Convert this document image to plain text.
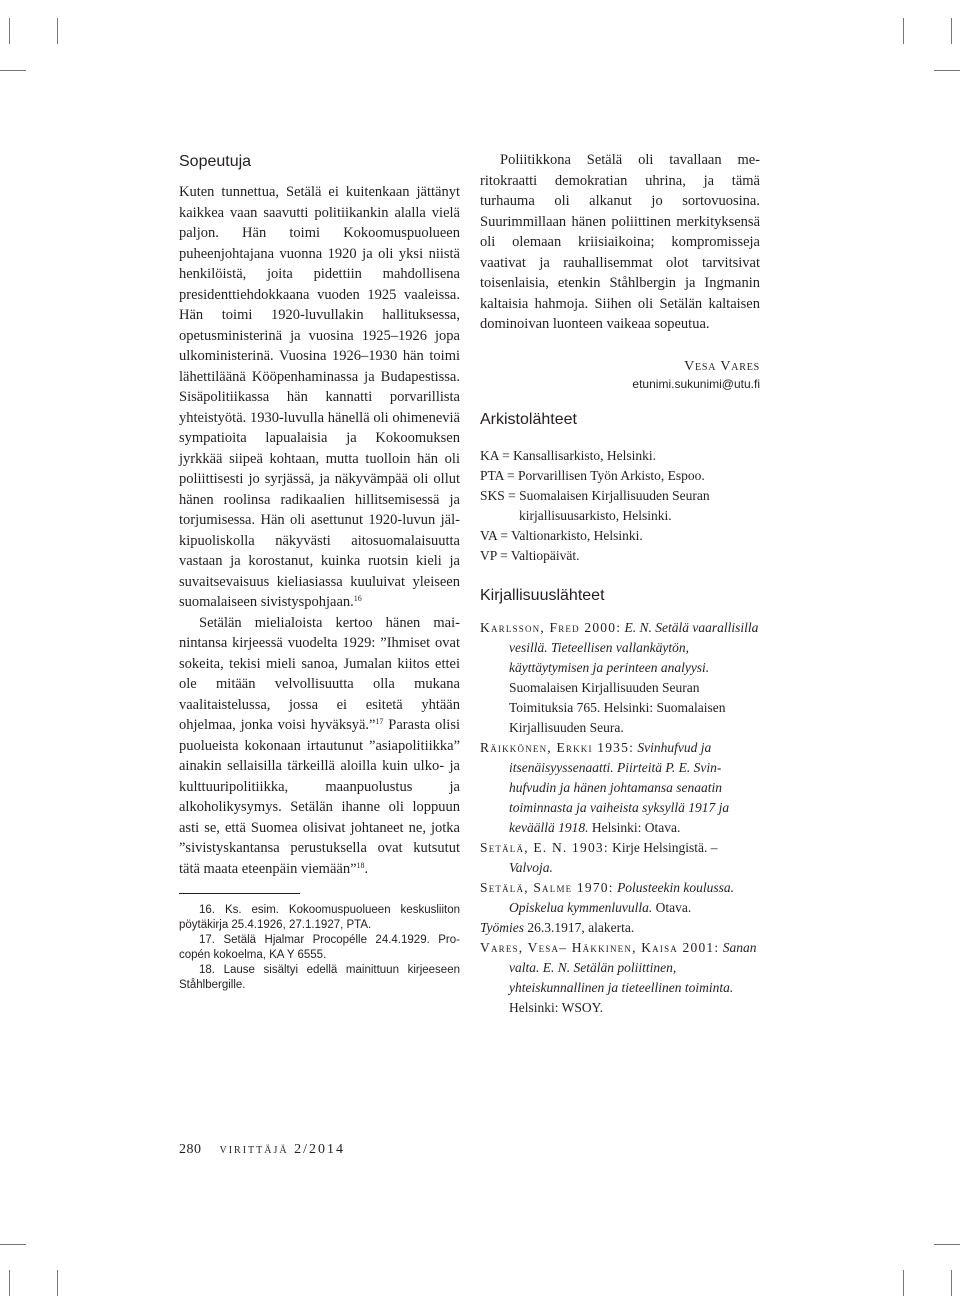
Sopeutuja

Kuten tunnettua, Setälä ei kuitenkaan jättänyt kaikkea vaan saavutti politiikankin alalla vielä paljon. Hän toimi Kokoomuspuolueen puheenjohtajana vuonna 1920 ja oli yksi niistä henkilöistä, joita pidettiin mahdollisena presidenttiehdokkaana vuoden 1925 vaaleissa. Hän toimi 1920-luvullakin hallituksessa, opetusministerinä ja vuosina 1925–1926 jopa ulkoministerinä. Vuosina 1926–1930 hän toimi lähettiläänä Kööpenhaminassa ja Budapestissa. Sisäpolitiikassa hän kannatti porvarillista yhteistyötä. 1930-luvulla hänellä oli ohimeneviä sympatioita lapualaisia ja Kokoomuksen jyrkkää siipeä kohtaan, mutta tuolloin hän oli poliittisesti jo syrjässä, ja näkyvämpää oli ollut hänen roolinsa radikaalien hillitsemisessä ja torjumisessa. Hän oli asettunut 1920-luvun jälkipuoliskolla näkyvästi aitosuomalaisuutta vastaan ja korostanut, kuinka ruotsin kieli ja suvaitsevaisuus kieliasiassa kuuluivat yleiseen suomalaiseen sivistyspohjaan.$^{16}$

Setälän mielialoista kertoo hänen mainintansa kirjeessä vuodelta 1929: ”Ihmiset ovat sokeita, tekisi mieli sanoa, Jumalan kiitos ettei ole mitään velvollisuutta olla mukana vaalitaistelussa, jossa ei esitetä yhtään ohjelmaa, jonka voisi hyväksyä.”$^{17}$ Parasta olisi puolueista kokonaan irtautunut ”asiapolitiikka” ainakin sellaisilla tärkeillä aloilla kuin ulko- ja kulttuuripolitiikka, maanpuolustus ja alkoholikysymys. Setälän ihanne oli loppuun asti se, että Suomea olisivat johtaneet ne, jotka ”sivistyskantansa perustuksella ovat kutsutut tätä maata eteenpäin viemään”$^{18}$.

16. Ks. esim. Kokoomuspuolueen keskusliiton pöytäkirja 25.4.1926, 27.1.1927, PTA.

17. Setälä Hjalmar Procopélle 24.4.1929. Procopén kokoelma, KA Y 6555.

18. Lause sisältyi edellä mainittuun kirjeeseen Ståhlbergille.

Poliitikkona Setälä oli tavallaan meritokraatti demokratian uhrina, ja tämä turhauma oli alkanut jo sortovuosina. Suurimmillaan hänen poliittinen merkityksensä oli olemaan kriisiaikoina; kompromisseja vaativat ja rauhallisemmat olot tarvitsivat toisenlaisia, etenkin Ståhlbergin ja Ingmanin kaltaisia hahmoja. Siihen oli Setälän kaltaisen dominoivan luonteen vaikeaa sopeutua.

Vesa Vares
etunimi.sukunimi@utu.fi
Arkistolähteet

KA = Kansallisarkisto, Helsinki.

PTA = Porvarillisen Työn Arkisto, Espoo.

SKS = Suomalaisen Kirjallisuuden Seuran kirjallisuusarkisto, Helsinki.

VA = Valtionarkisto, Helsinki.

VP = Valtiopäivät.

Kirjallisuuslähteet

Karlsson, Fred 2000: E. N. Setälä vaarallisilla vesillä. Tieteellisen vallankäytön, käyttäytymisen ja perinteen analyysi. Suomalaisen Kirjallisuuden Seuran Toimituksia 765. Helsinki: Suomalaisen Kirjallisuuden Seura.

Räikkönen, Erkki 1935: Svinhufvud ja itsenäisyyssenaatti. Piirteitä P. E. Svinhufvudin ja hänen johtamansa senaatin toiminnasta ja vaiheista syksyllä 1917 ja keväällä 1918. Helsinki: Otava.

Setälä, E. N. 1903: Kirje Helsingistä. – Valvoja.

Setälä, Salme 1970: Polusteekin koulussa. Opiskelua kymmenluvulla. Otava.

Työmies 26.3.1917, alakerta.

Vares, Vesa– Häkkinen, Kaisa 2001: Sanan valta. E. N. Setälän poliittinen, yhteiskunnallinen ja tieteellinen toiminta. Helsinki: WSOY.

280 virittäjä 2/2014
